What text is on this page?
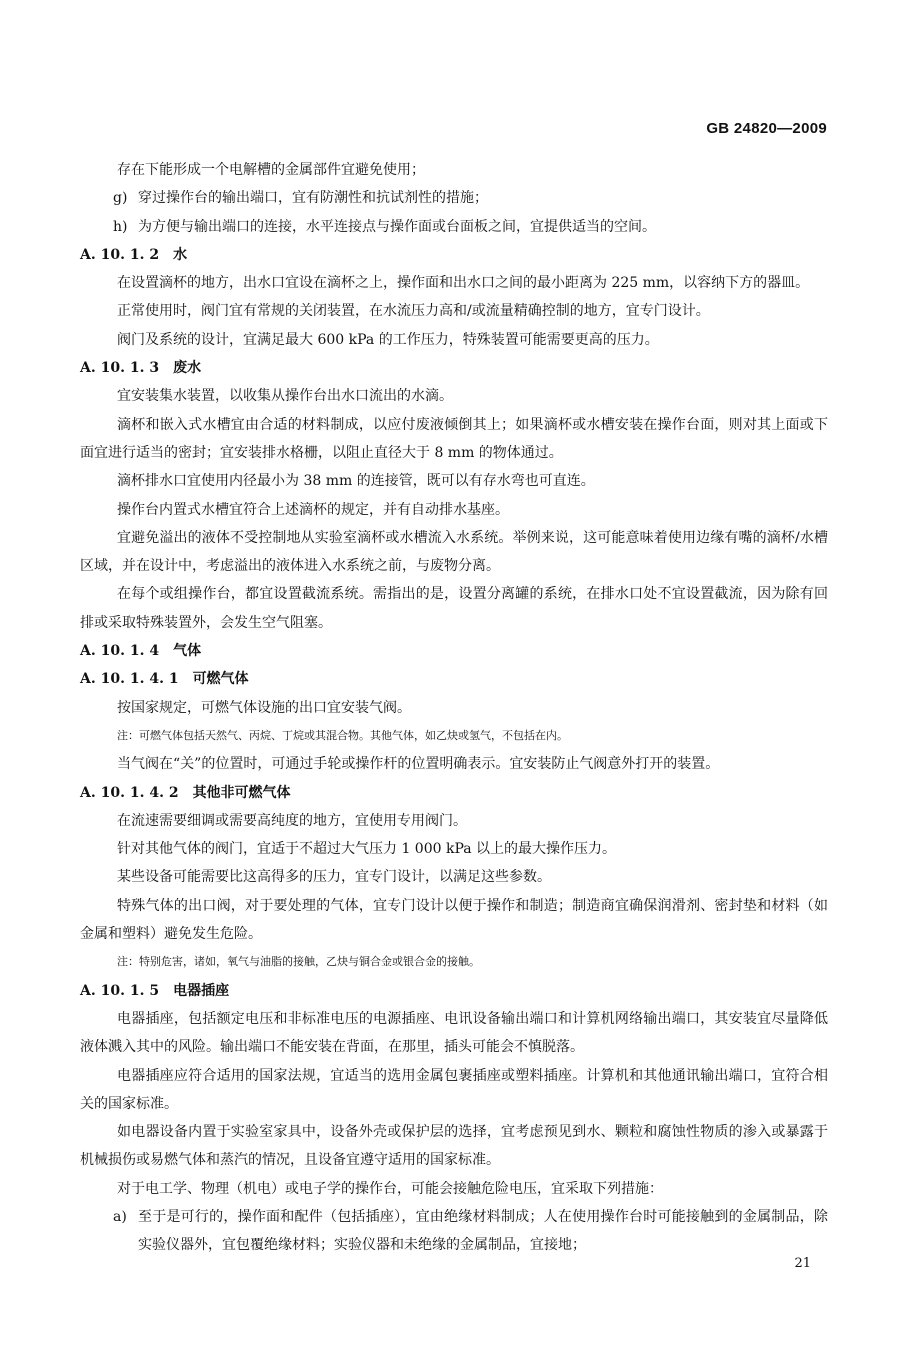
GB 24820—2009

存在下能形成一个电解槽的金属部件宜避免使用；

g) 穿过操作台的输出端口，宜有防潮性和抗试剂性的措施；

h) 为方便与输出端口的连接，水平连接点与操作面或台面板之间，宜提供适当的空间。

A. 10. 1. 2 水

在设置滴杯的地方，出水口宜设在滴杯之上，操作面和出水口之间的最小距离为 225 mm，以容纳下方的器皿。

正常使用时，阀门宜有常规的关闭装置，在水流压力高和/或流量精确控制的地方，宜专门设计。

阀门及系统的设计，宜满足最大 600 kPa 的工作压力，特殊装置可能需要更高的压力。

A. 10. 1. 3 废水

宜安装集水装置，以收集从操作台出水口流出的水滴。

滴杯和嵌入式水槽宜由合适的材料制成，以应付废液倾倒其上；如果滴杯或水槽安装在操作台面，则对其上面或下面宜进行适当的密封；宜安装排水格栅，以阻止直径大于 8 mm 的物体通过。

滴杯排水口宜使用内径最小为 38 mm 的连接管，既可以有存水弯也可直连。

操作台内置式水槽宜符合上述滴杯的规定，并有自动排水基座。

宜避免溢出的液体不受控制地从实验室滴杯或水槽流入水系统。举例来说，这可能意味着使用边缘有嘴的滴杯/水槽区域，并在设计中，考虑溢出的液体进入水系统之前，与废物分离。

在每个或组操作台，都宜设置截流系统。需指出的是，设置分离罐的系统，在排水口处不宜设置截流，因为除有回排或采取特殊装置外，会发生空气阻塞。

A. 10. 1. 4 气体

A. 10. 1. 4. 1 可燃气体

按国家规定，可燃气体设施的出口宜安装气阀。

注：可燃气体包括天然气、丙烷、丁烷或其混合物。其他气体，如乙炔或氢气，不包括在内。

当气阀在“关”的位置时，可通过手轮或操作杆的位置明确表示。宜安装防止气阀意外打开的装置。

A. 10. 1. 4. 2 其他非可燃气体

在流速需要细调或需要高纯度的地方，宜使用专用阀门。

针对其他气体的阀门，宜适于不超过大气压力 1 000 kPa 以上的最大操作压力。

某些设备可能需要比这高得多的压力，宜专门设计，以满足这些参数。

特殊气体的出口阀，对于要处理的气体，宜专门设计以便于操作和制造；制造商宜确保润滑剂、密封垫和材料（如金属和塑料）避免发生危险。

注：特别危害，诸如，氧气与油脂的接触，乙炔与铜合金或银合金的接触。

A. 10. 1. 5 电器插座

电器插座，包括额定电压和非标准电压的电源插座、电讯设备输出端口和计算机网络输出端口，其安装宜尽量降低液体溅入其中的风险。输出端口不能安装在背面，在那里，插头可能会不慎脱落。

电器插座应符合适用的国家法规，宜适当的选用金属包裹插座或塑料插座。计算机和其他通讯输出端口，宜符合相关的国家标准。

如电器设备内置于实验室家具中，设备外壳或保护层的选择，宜考虑预见到水、颗粒和腐蚀性物质的渗入或暴露于机械损伤或易燃气体和蒸汽的情况，且设备宜遵守适用的国家标准。

对于电工学、物理（机电）或电子学的操作台，可能会接触危险电压，宜采取下列措施：

a) 至于是可行的，操作面和配件（包括插座），宜由绝缘材料制成；人在使用操作台时可能接触到的金属制品，除实验仪器外，宜包覆绝缘材料；实验仪器和未绝缘的金属制品，宜接地；

21
